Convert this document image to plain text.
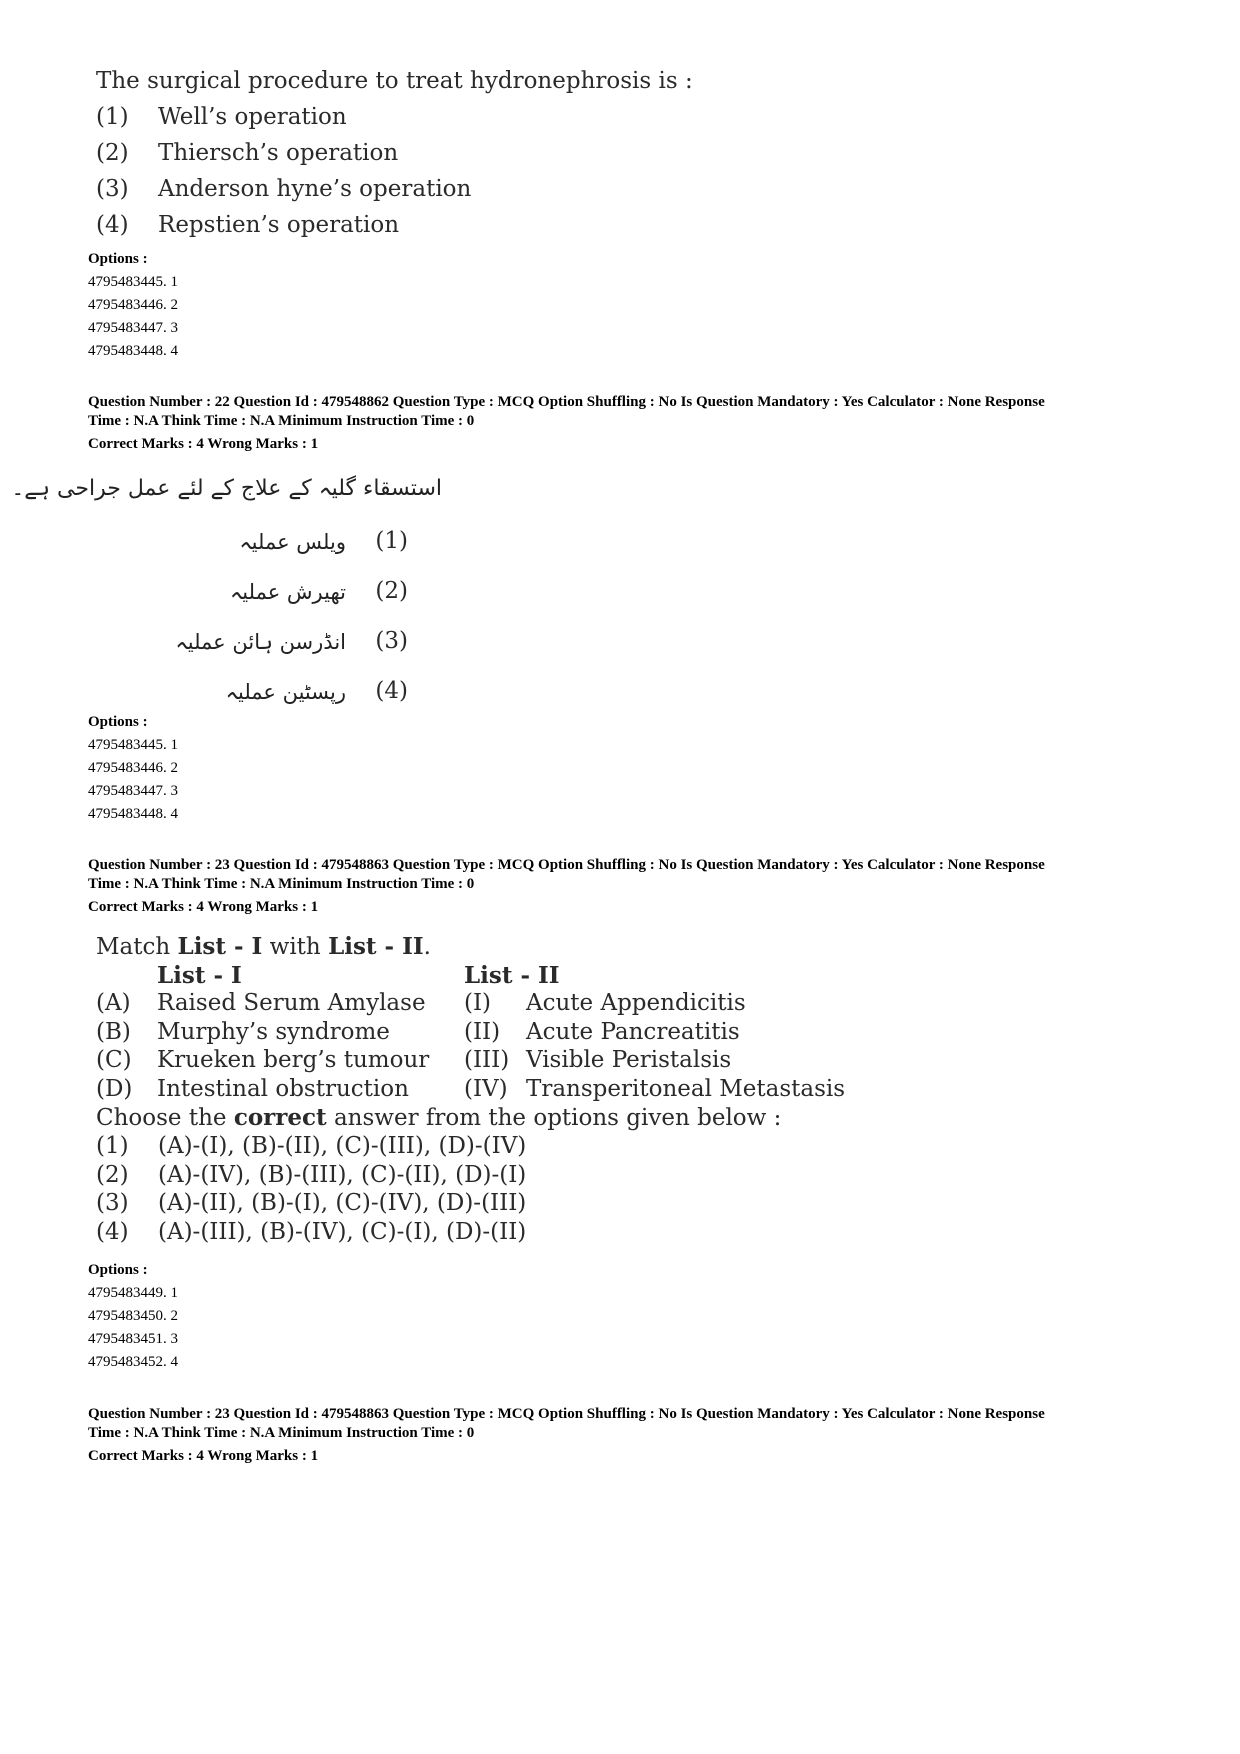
The surgical procedure to treat hydronephrosis is :
(1) Well’s operation
(2) Thiersch’s operation
(3) Anderson hyne’s operation
(4) Repstien’s operation
Options :
4795483445. 1
4795483446. 2
4795483447. 3
4795483448. 4
Question Number : 22 Question Id : 479548862 Question Type : MCQ Option Shuffling : No Is Question Mandatory : Yes Calculator : None Response
Time : N.A Think Time : N.A Minimum Instruction Time : 0
Correct Marks : 4 Wrong Marks : 1
استسقاء گلیہ کے علاج کے لئے عمل جراحی ہے۔
ویلس عملیہ (1)
تھیرش عملیہ (2)
انڈرسن ہائن عملیہ (3)
رپسٹین عملیہ (4)
Options :
4795483445. 1
4795483446. 2
4795483447. 3
4795483448. 4
Question Number : 23 Question Id : 479548863 Question Type : MCQ Option Shuffling : No Is Question Mandatory : Yes Calculator : None Response
Time : N.A Think Time : N.A Minimum Instruction Time : 0
Correct Marks : 4 Wrong Marks : 1
Match List - I with List - II.
List - I	List - II
(A) Raised Serum Amylase (I) Acute Appendicitis
(B) Murphy’s syndrome	(II) Acute Pancreatitis
(C) Krueken berg’s tumour (III) Visible Peristalsis
(D) Intestinal obstruction (IV) Transperitoneal Metastasis
Choose the correct answer from the options given below :
(1) (A)-(I), (B)-(II), (C)-(III), (D)-(IV)
(2) (A)-(IV), (B)-(III), (C)-(II), (D)-(I)
(3) (A)-(II), (B)-(I), (C)-(IV), (D)-(III)
(4) (A)-(III), (B)-(IV), (C)-(I), (D)-(II)
Options :
4795483449. 1
4795483450. 2
4795483451. 3
4795483452. 4
Question Number : 23 Question Id : 479548863 Question Type : MCQ Option Shuffling : No Is Question Mandatory : Yes Calculator : None Response
Time : N.A Think Time : N.A Minimum Instruction Time : 0
Correct Marks : 4 Wrong Marks : 1
